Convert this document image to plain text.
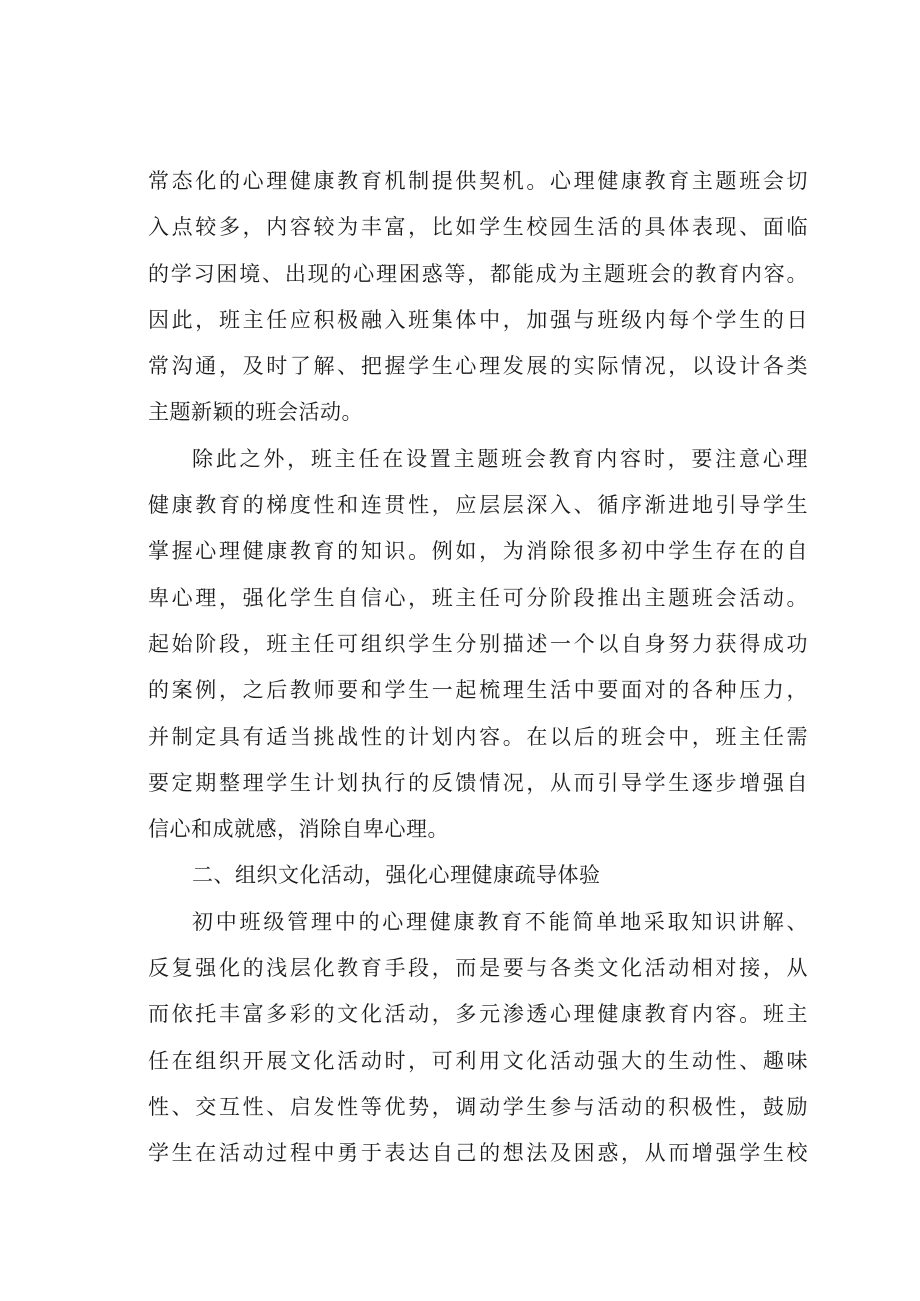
常态化的心理健康教育机制提供契机。心理健康教育主题班会切
入点较多，内容较为丰富，比如学生校园生活的具体表现、面临
的学习困境、出现的心理困惑等，都能成为主题班会的教育内容。
因此，班主任应积极融入班集体中，加强与班级内每个学生的日
常沟通，及时了解、把握学生心理发展的实际情况，以设计各类
主题新颖的班会活动。
除此之外，班主任在设置主题班会教育内容时，要注意心理
健康教育的梯度性和连贯性，应层层深入、循序渐进地引导学生
掌握心理健康教育的知识。例如，为消除很多初中学生存在的自
卑心理，强化学生自信心，班主任可分阶段推出主题班会活动。
起始阶段，班主任可组织学生分别描述一个以自身努力获得成功
的案例，之后教师要和学生一起梳理生活中要面对的各种压力，
并制定具有适当挑战性的计划内容。在以后的班会中，班主任需
要定期整理学生计划执行的反馈情况，从而引导学生逐步增强自
信心和成就感，消除自卑心理。
二、组织文化活动，强化心理健康疏导体验
初中班级管理中的心理健康教育不能简单地采取知识讲解、
反复强化的浅层化教育手段，而是要与各类文化活动相对接，从
而依托丰富多彩的文化活动，多元渗透心理健康教育内容。班主
任在组织开展文化活动时，可利用文化活动强大的生动性、趣味
性、交互性、启发性等优势，调动学生参与活动的积极性，鼓励
学生在活动过程中勇于表达自己的想法及困惑，从而增强学生校
